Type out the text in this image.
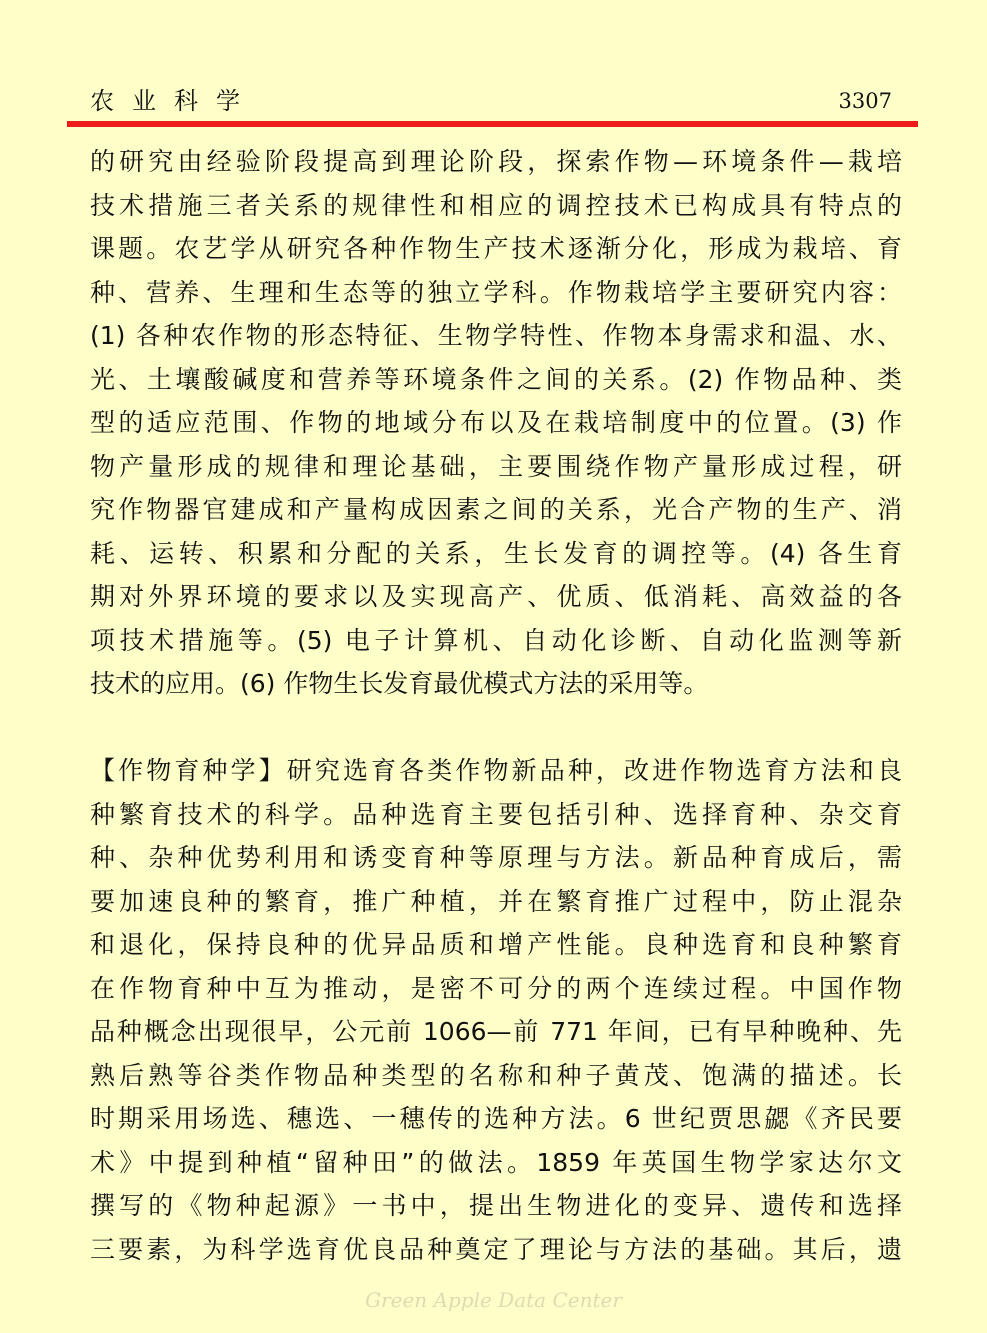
农业科学	3307
的研究由经验阶段提高到理论阶段，探索作物—环境条件—栽培
技术措施三者关系的规律性和相应的调控技术已构成具有特点的
课题。农艺学从研究各种作物生产技术逐渐分化，形成为栽培、育
种、营养、生理和生态等的独立学科。作物栽培学主要研究内容：
(1) 各种农作物的形态特征、生物学特性、作物本身需求和温、水、
光、土壤酸碱度和营养等环境条件之间的关系。(2) 作物品种、类
型的适应范围、作物的地域分布以及在栽培制度中的位置。(3) 作
物产量形成的规律和理论基础，主要围绕作物产量形成过程，研
究作物器官建成和产量构成因素之间的关系，光合产物的生产、消
耗、运转、积累和分配的关系，生长发育的调控等。(4) 各生育
期对外界环境的要求以及实现高产、优质、低消耗、高效益的各
项技术措施等。(5) 电子计算机、自动化诊断、自动化监测等新
技术的应用。(6) 作物生长发育最优模式方法的采用等。
【作物育种学】研究选育各类作物新品种，改进作物选育方法和良
种繁育技术的科学。品种选育主要包括引种、选择育种、杂交育
种、杂种优势利用和诱变育种等原理与方法。新品种育成后，需
要加速良种的繁育，推广种植，并在繁育推广过程中，防止混杂
和退化，保持良种的优异品质和增产性能。良种选育和良种繁育
在作物育种中互为推动，是密不可分的两个连续过程。中国作物
品种概念出现很早，公元前 1066—前 771 年间，已有早种晚种、先
熟后熟等谷类作物品种类型的名称和种子黄茂、饱满的描述。长
时期采用场选、穗选、一穗传的选种方法。6 世纪贾思勰《齐民要
术》中提到种植“留种田”的做法。1859 年英国生物学家达尔文
撰写的《物种起源》一书中，提出生物进化的变异、遗传和选择
三要素，为科学选育优良品种奠定了理论与方法的基础。其后，遗
Green Apple Data Center
